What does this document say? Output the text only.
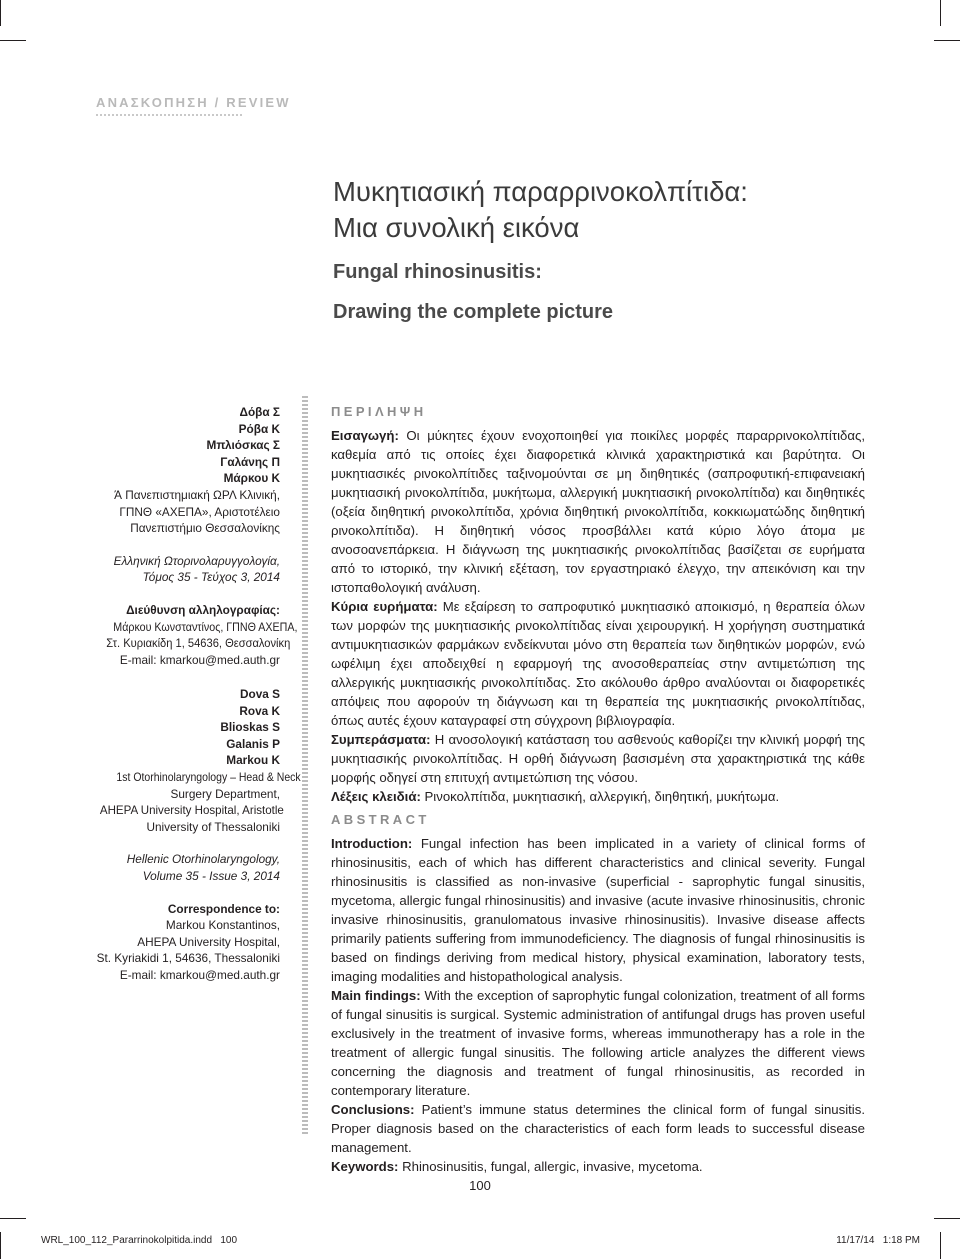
ΑΝΑΣΚΟΠΗΣΗ / REVIEW
Μυκητιασική παραρρινοκολπίτιδα:
Μια συνολική εικόνα
Fungal rhinosinusitis:
Drawing the complete picture
Δόβα Σ
Ρόβα Κ
Μπλιόσκας Σ
Γαλάνης Π
Μάρκου Κ
Ά Πανεπιστημιακή ΩΡΛ Κλινική,
ΓΠΝΘ «ΑΧΕΠΑ», Αριστοτέλειο
Πανεπιστήμιο Θεσσαλονίκης
Ελληνική Ωτορινολαρυγγολογία,
Τόμος 35 - Τεύχος 3, 2014
Διεύθυνση αλληλογραφίας:
Μάρκου Κωνσταντίνος, ΓΠΝΘ ΑΧΕΠΑ,
Στ. Κυριακίδη 1, 54636, Θεσσαλονίκη
E-mail: kmarkou@med.auth.gr
Dova S
Rova K
Blioskas S
Galanis P
Markou K
1st Otorhinolaryngology – Head & Neck
Surgery Department,
AHEPA University Hospital, Aristotle
University of Thessaloniki
Hellenic Otorhinolaryngology,
Volume 35 - Issue 3, 2014
Correspondence to:
Markou Konstantinos,
AHEPA University Hospital,
St. Kyriakidi 1, 54636, Thessaloniki
E-mail: kmarkou@med.auth.gr
ΠΕΡΙΛΗΨΗ

Εισαγωγή: Οι μύκητες έχουν ενοχοποιηθεί για ποικίλες μορφές παραρρινοκολπίτιδας, καθεμία από τις οποίες έχει διαφορετικά κλινικά χαρακτηριστικά και βαρύτητα. Οι μυκητιασικές ρινοκολπίτιδες ταξινομούνται σε μη διηθητικές (σαπροφυτική-επιφανειακή μυκητιασική ρινοκολπίτιδα, μυκήτωμα, αλλεργική μυκητιασική ρινοκολπίτιδα) και διηθητικές (οξεία διηθητική ρινοκολπίτιδα, χρόνια διηθητική ρινοκολπίτιδα, κοκκιωματώδης διηθητική ρινοκολπίτιδα). Η διηθητική νόσος προσβάλλει κατά κύριο λόγο άτομα με ανοσοανεπάρκεια. Η διάγνωση της μυκητιασικής ρινοκολπίτιδας βασίζεται σε ευρήματα από το ιστορικό, την κλινική εξέταση, τον εργαστηριακό έλεγχο, την απεικόνιση και την ιστοπαθολογική ανάλυση.

Κύρια ευρήματα: Με εξαίρεση το σαπροφυτικό μυκητιασικό αποικισμό, η θεραπεία όλων των μορφών της μυκητιασικής ρινοκολπίτιδας είναι χειρουργική. Η χορήγηση συστηματικά αντιμυκητιασικών φαρμάκων ενδείκνυται μόνο στη θεραπεία των διηθητικών μορφών, ενώ ωφέλιμη έχει αποδειχθεί η εφαρμογή της ανοσοθεραπείας στην αντιμετώπιση της αλλεργικής μυκητιασικής ρινοκολπίτιδας. Στο ακόλουθο άρθρο αναλύονται οι διαφορετικές απόψεις που αφορούν τη διάγνωση και τη θεραπεία της μυκητιασικής ρινοκολπίτιδας, όπως αυτές έχουν καταγραφεί στη σύγχρονη βιβλιογραφία.

Συμπεράσματα: Η ανοσολογική κατάσταση του ασθενούς καθορίζει την κλινική μορφή της μυκητιασικής ρινοκολπίτιδας. Η ορθή διάγνωση βασισμένη στα χαρακτηριστικά της κάθε μορφής οδηγεί στη επιτυχή αντιμετώπιση της νόσου.

Λέξεις κλειδιά: Ρινοκολπίτιδα, μυκητιασική, αλλεργική, διηθητική, μυκήτωμα.

ABSTRACT

Introduction: Fungal infection has been implicated in a variety of clinical forms of rhinosinusitis, each of which has different characteristics and clinical severity. Fungal rhinosinusitis is classified as non-invasive (superficial - saprophytic fungal sinusitis, mycetoma, allergic fungal rhinosinusitis) and invasive (acute invasive rhinosinusitis, chronic invasive rhinosinusitis, granulomatous invasive rhinosinusitis). Invasive disease affects primarily patients suffering from immunodeficiency. The diagnosis of fungal rhinosinusitis is based on findings deriving from medical history, physical examination, laboratory tests, imaging modalities and histopathological analysis.

Main findings: With the exception of saprophytic fungal colonization, treatment of all forms of fungal sinusitis is surgical. Systemic administration of antifungal drugs has proven useful exclusively in the treatment of invasive forms, whereas immunotherapy has a role in the treatment of allergic fungal sinusitis. The following article analyzes the different views concerning the diagnosis and treatment of fungal rhinosinusitis, as recorded in contemporary literature.

Conclusions: Patient’s immune status determines the clinical form of fungal sinusitis. Proper diagnosis based on the characteristics of each form leads to successful disease management.

Keywords: Rhinosinusitis, fungal, allergic, invasive, mycetoma.

100
WRL_100_112_Pararrinokolpitida.indd   100	11/17/14   1:18 PM
